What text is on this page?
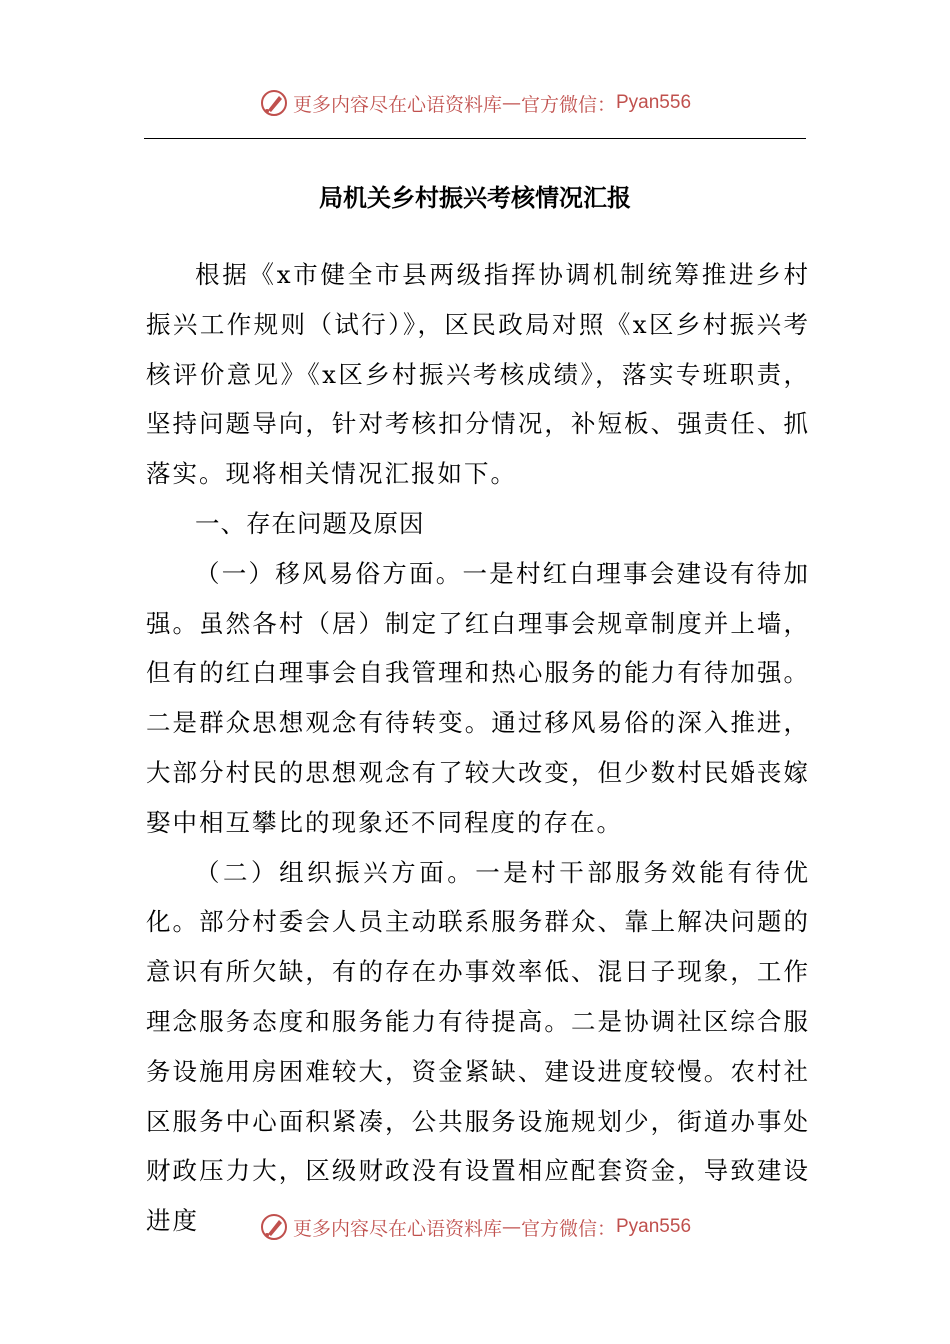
更多内容尽在心语资料库 — 官方微信： Pyan556
局机关乡村振兴考核情况汇报

根据《x市健全市县两级指挥协调机制统筹推进乡村振兴工作规则（试行）》，区民政局对照《x区乡村振兴考核评价意见》《x区乡村振兴考核成绩》，落实专班职责，坚持问题导向，针对考核扣分情况，补短板、强责任、抓落实。现将相关情况汇报如下。

一、存在问题及原因

（一）移风易俗方面。一是村红白理事会建设有待加强。虽然各村（居）制定了红白理事会规章制度并上墙，但有的红白理事会自我管理和热心服务的能力有待加强。二是群众思想观念有待转变。通过移风易俗的深入推进，大部分村民的思想观念有了较大改变，但少数村民婚丧嫁娶中相互攀比的现象还不同程度的存在。

（二）组织振兴方面。一是村干部服务效能有待优化。部分村委会人员主动联系服务群众、靠上解决问题的意识有所欠缺，有的存在办事效率低、混日子现象，工作理念服务态度和服务能力有待提高。二是协调社区综合服务设施用房困难较大，资金紧缺、建设进度较慢。农村社区服务中心面积紧凑，公共服务设施规划少，街道办事处财政压力大，区级财政没有设置相应配套资金，导致建设进度	更多内容尽在心语资料库 — 官方微信： Pyan556
